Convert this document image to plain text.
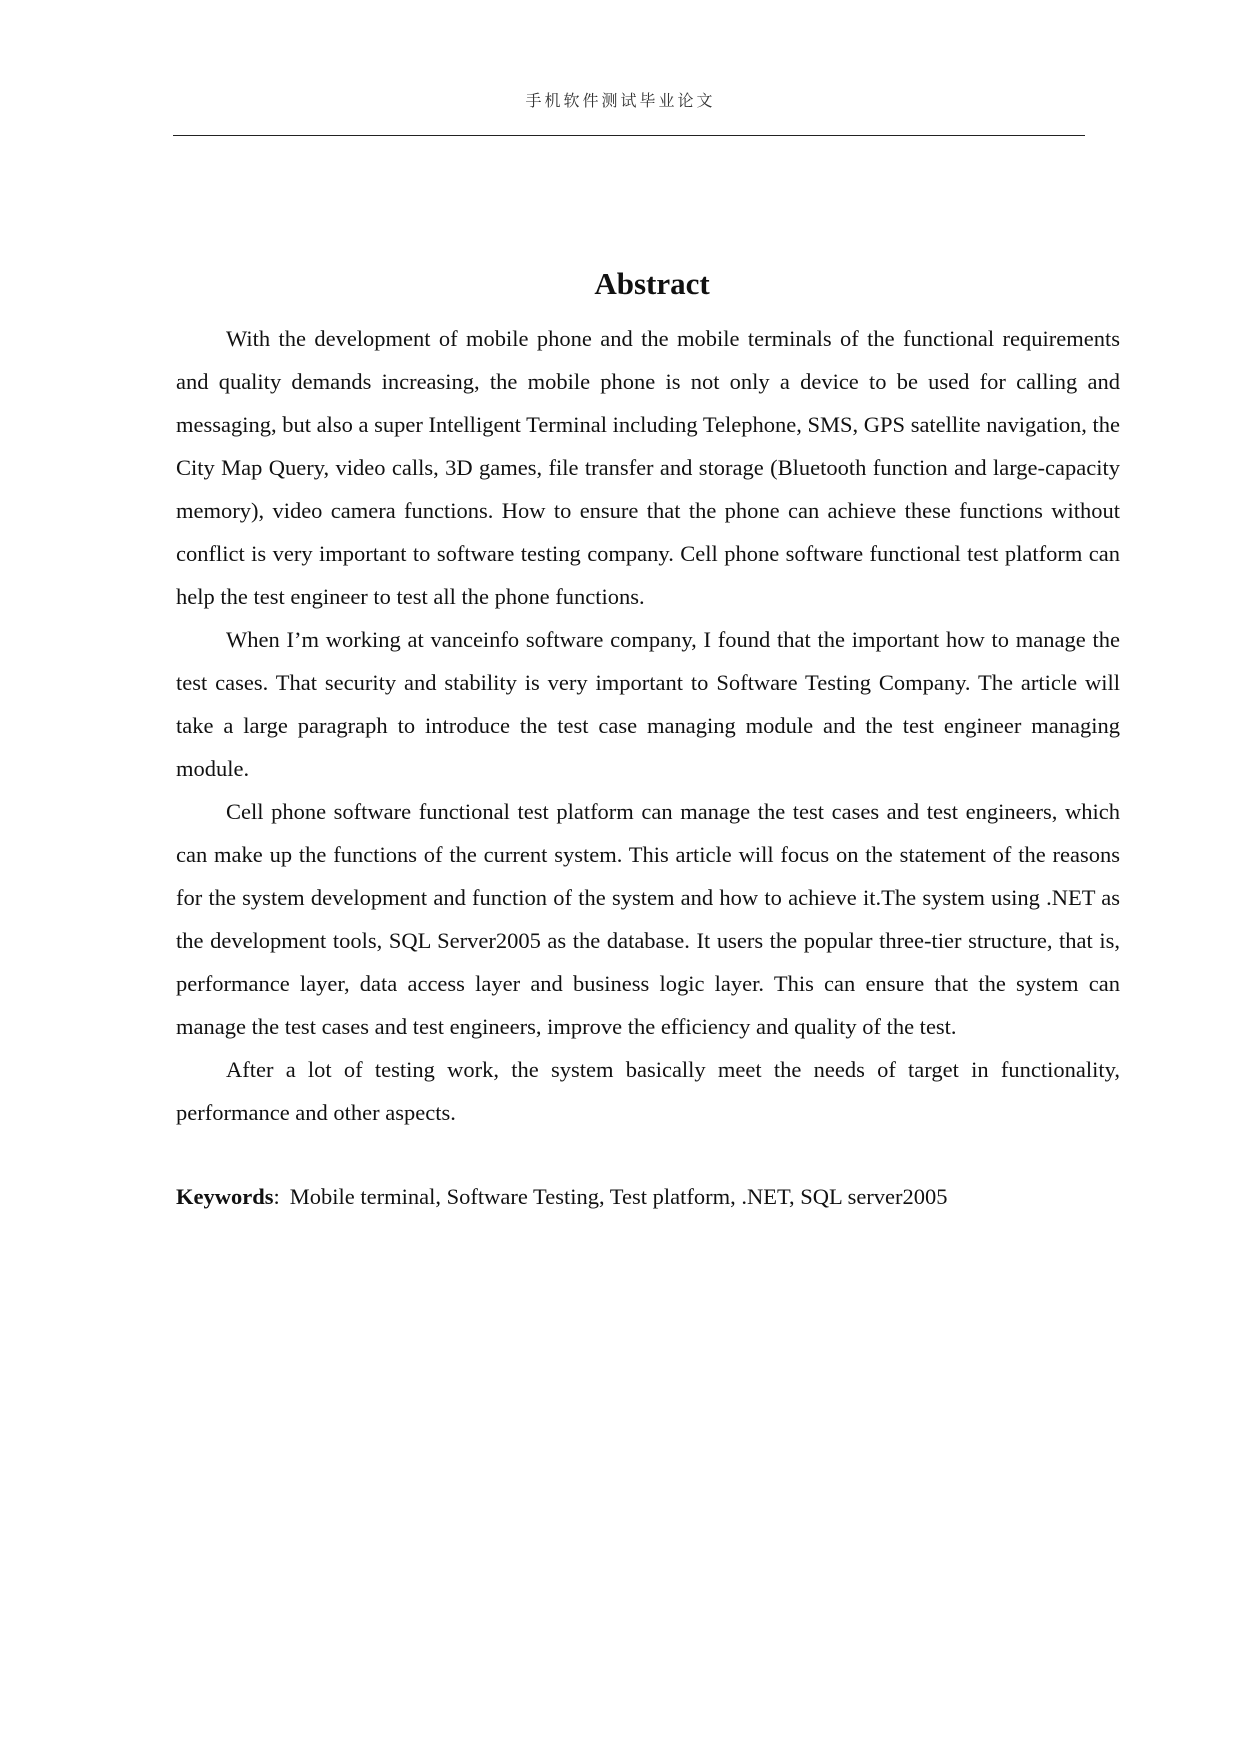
手机软件测试毕业论文
Abstract

With the development of mobile phone and the mobile terminals of the functional requirements and quality demands increasing, the mobile phone is not only a device to be used for calling and messaging, but also a super Intelligent Terminal including Telephone, SMS, GPS satellite navigation, the City Map Query, video calls, 3D games, file transfer and storage (Bluetooth function and large-capacity memory), video camera functions. How to ensure that the phone can achieve these functions without conflict is very important to software testing company. Cell phone software functional test platform can help the test engineer to test all the phone functions.

When I’m working at vanceinfo software company, I found that the important how to manage the test cases. That security and stability is very important to Software Testing Company. The article will take a large paragraph to introduce the test case managing module and the test engineer managing module.

Cell phone software functional test platform can manage the test cases and test engineers, which can make up the functions of the current system. This article will focus on the statement of the reasons for the system development and function of the system and how to achieve it.The system using .NET as the development tools, SQL Server2005 as the database. It users the popular three-tier structure, that is, performance layer, data access layer and business logic layer. This can ensure that the system can manage the test cases and test engineers, improve the efficiency and quality of the test.

After a lot of testing work, the system basically meet the needs of target in functionality, performance and other aspects.

Keywords: Mobile terminal, Software Testing, Test platform, .NET, SQL server2005
